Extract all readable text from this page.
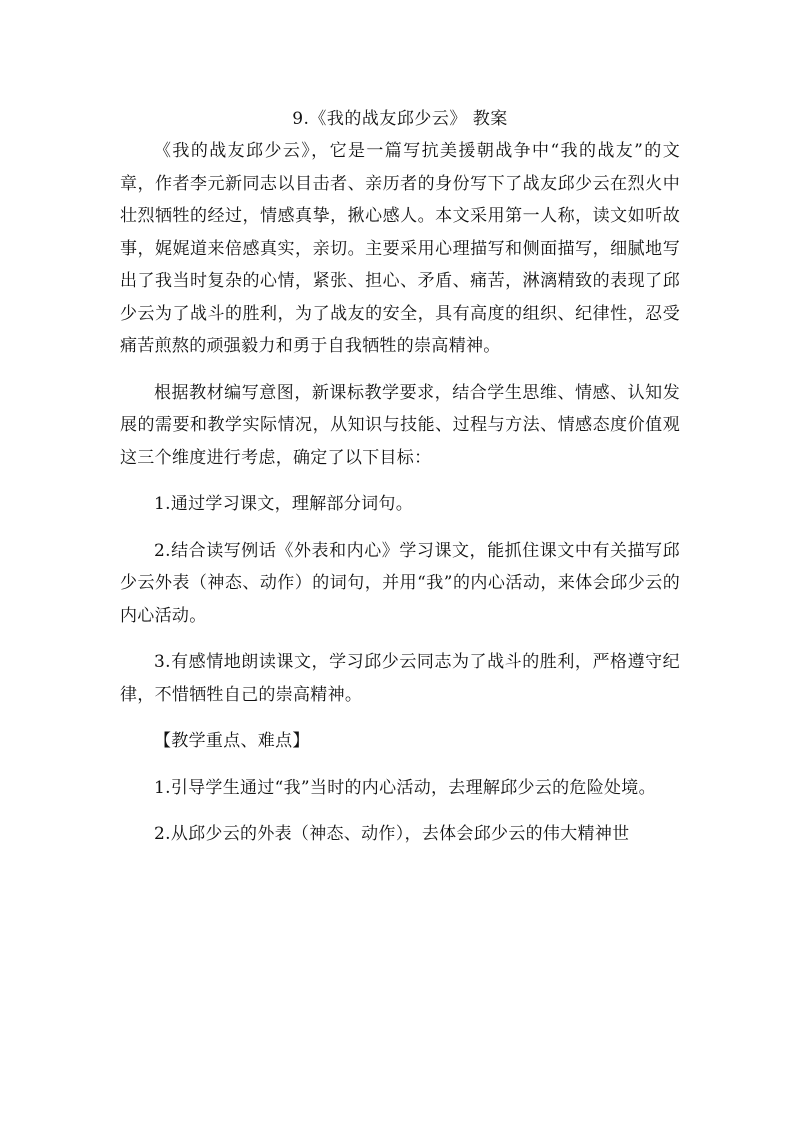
9.《我的战友邱少云》 教案

《我的战友邱少云》，它是一篇写抗美援朝战争中“我的战友”的文章，作者李元新同志以目击者、亲历者的身份写下了战友邱少云在烈火中壮烈牺牲的经过，情感真挚，揪心感人。本文采用第一人称，读文如听故事，娓娓道来倍感真实，亲切。主要采用心理描写和侧面描写，细腻地写出了我当时复杂的心情，紧张、担心、矛盾、痛苦，淋漓精致的表现了邱少云为了战斗的胜利，为了战友的安全，具有高度的组织、纪律性，忍受痛苦煎熬的顽强毅力和勇于自我牺牲的崇高精神。

根据教材编写意图，新课标教学要求，结合学生思维、情感、认知发展的需要和教学实际情况，从知识与技能、过程与方法、情感态度价值观这三个维度进行考虑，确定了以下目标：

1.通过学习课文，理解部分词句。

2.结合读写例话《外表和内心》学习课文，能抓住课文中有关描写邱少云外表（神态、动作）的词句，并用“我”的内心活动，来体会邱少云的内心活动。

3.有感情地朗读课文，学习邱少云同志为了战斗的胜利，严格遵守纪律，不惜牺牲自己的崇高精神。

【教学重点、难点】

1.引导学生通过“我”当时的内心活动，去理解邱少云的危险处境。

2.从邱少云的外表（神态、动作），去体会邱少云的伟大精神世
